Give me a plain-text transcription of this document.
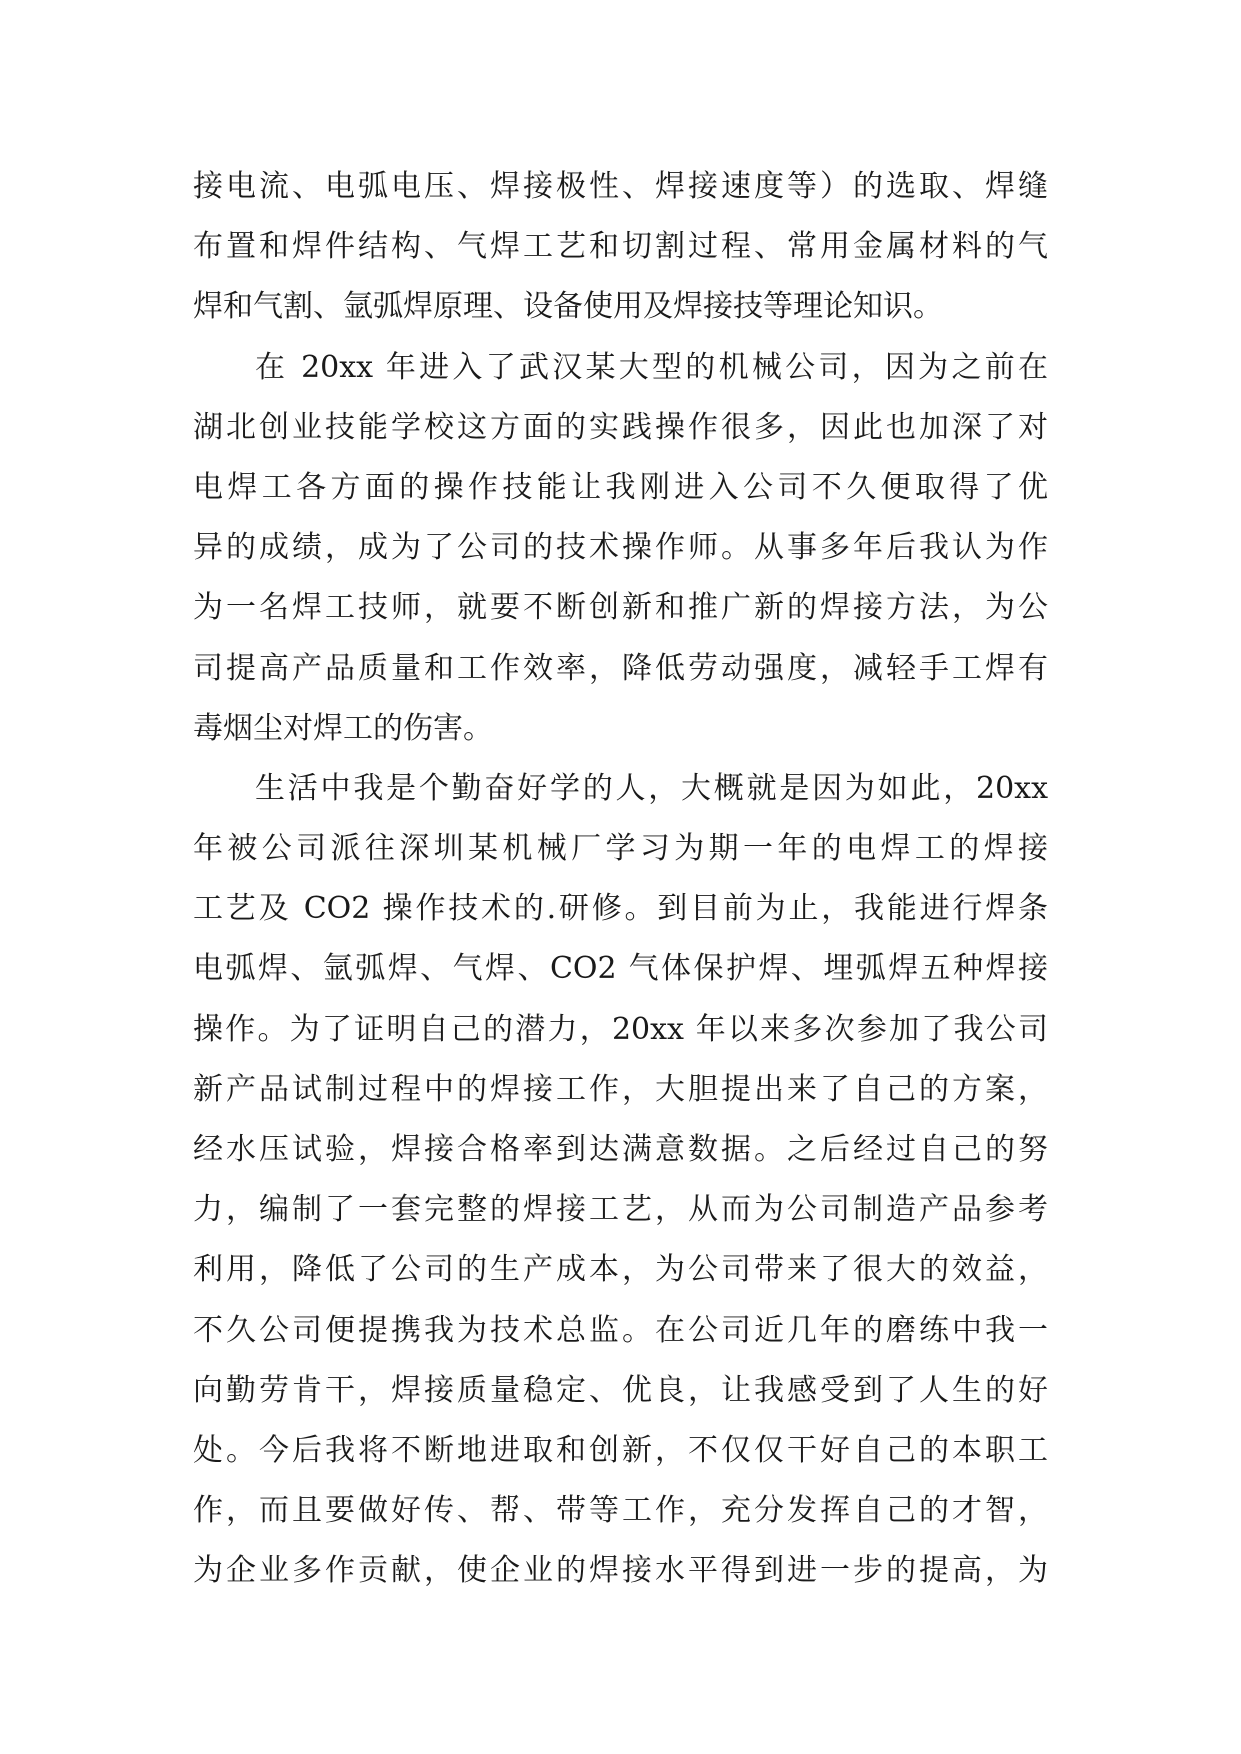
接电流、电弧电压、焊接极性、焊接速度等）的选取、焊缝
布置和焊件结构、气焊工艺和切割过程、常用金属材料的气
焊和气割、氩弧焊原理、设备使用及焊接技等理论知识。
在 20xx 年进入了武汉某大型的机械公司，因为之前在
湖北创业技能学校这方面的实践操作很多，因此也加深了对
电焊工各方面的操作技能让我刚进入公司不久便取得了优
异的成绩，成为了公司的技术操作师。从事多年后我认为作
为一名焊工技师，就要不断创新和推广新的焊接方法，为公
司提高产品质量和工作效率，降低劳动强度，减轻手工焊有
毒烟尘对焊工的伤害。
生活中我是个勤奋好学的人，大概就是因为如此，20xx
年被公司派往深圳某机械厂学习为期一年的电焊工的焊接
工艺及 CO2 操作技术的.研修。到目前为止，我能进行焊条
电弧焊、氩弧焊、气焊、CO2 气体保护焊、埋弧焊五种焊接
操作。为了证明自己的潜力，20xx 年以来多次参加了我公司
新产品试制过程中的焊接工作，大胆提出来了自己的方案，
经水压试验，焊接合格率到达满意数据。之后经过自己的努
力，编制了一套完整的焊接工艺，从而为公司制造产品参考
利用，降低了公司的生产成本，为公司带来了很大的效益，
不久公司便提携我为技术总监。在公司近几年的磨练中我一
向勤劳肯干，焊接质量稳定、优良，让我感受到了人生的好
处。今后我将不断地进取和创新，不仅仅干好自己的本职工
作，而且要做好传、帮、带等工作，充分发挥自己的才智，
为企业多作贡献，使企业的焊接水平得到进一步的提高，为
